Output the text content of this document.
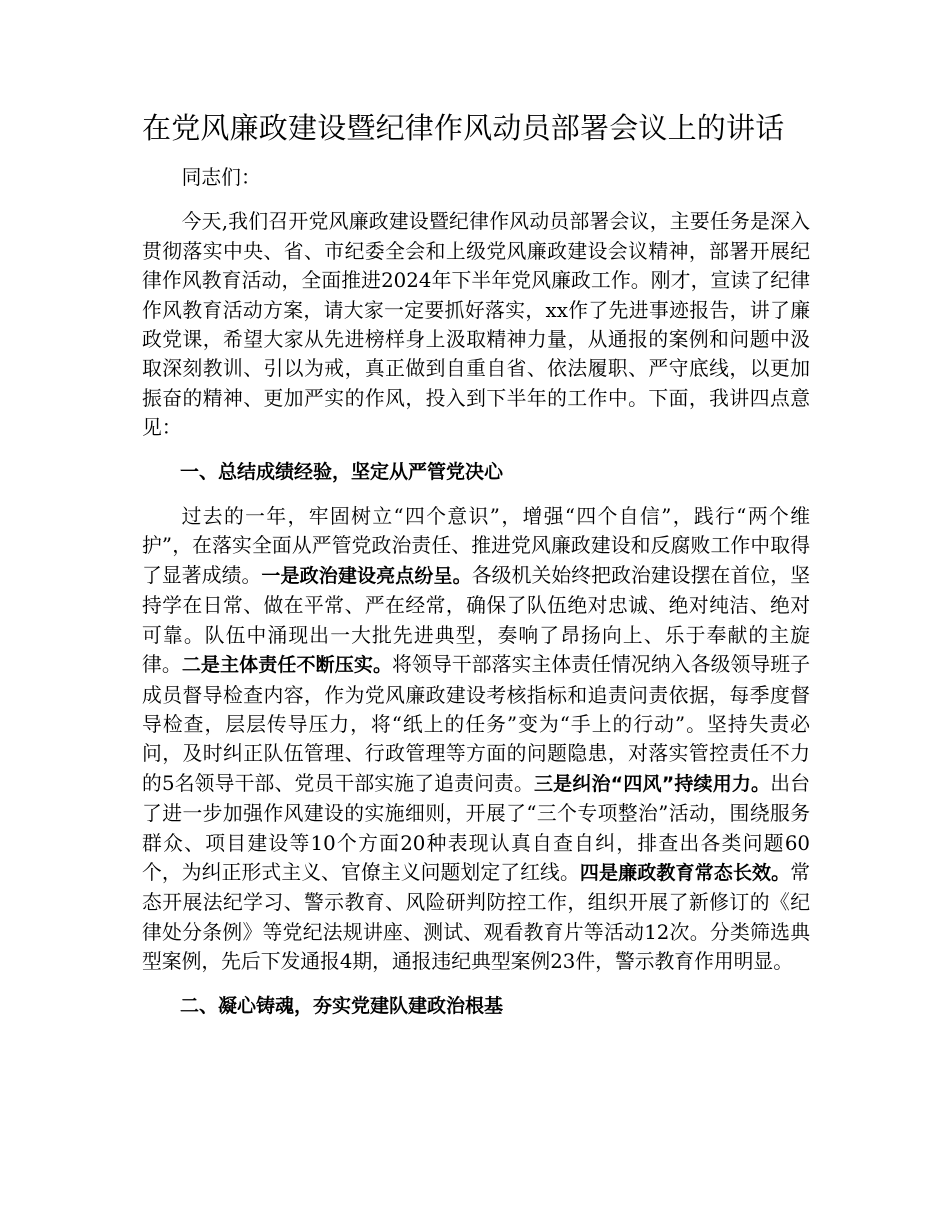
在党风廉政建设暨纪律作风动员部署会议上的讲话

同志们：

今天,我们召开党风廉政建设暨纪律作风动员部署会议，主要任务是深入贯彻落实中央、省、市纪委全会和上级党风廉政建设会议精神，部署开展纪律作风教育活动，全面推进2024年下半年党风廉政工作。刚才，宣读了纪律作风教育活动方案，请大家一定要抓好落实，xx作了先进事迹报告，讲了廉政党课，希望大家从先进榜样身上汲取精神力量，从通报的案例和问题中汲取深刻教训、引以为戒，真正做到自重自省、依法履职、严守底线，以更加振奋的精神、更加严实的作风，投入到下半年的工作中。下面，我讲四点意见：

一、总结成绩经验，坚定从严管党决心

过去的一年，牢固树立“四个意识”，增强“四个自信”，践行“两个维护”，在落实全面从严管党政治责任、推进党风廉政建设和反腐败工作中取得了显著成绩。一是政治建设亮点纷呈。各级机关始终把政治建设摆在首位，坚持学在日常、做在平常、严在经常，确保了队伍绝对忠诚、绝对纯洁、绝对可靠。队伍中涌现出一大批先进典型，奏响了昂扬向上、乐于奉献的主旋律。二是主体责任不断压实。将领导干部落实主体责任情况纳入各级领导班子成员督导检查内容，作为党风廉政建设考核指标和追责问责依据，每季度督导检查，层层传导压力，将“纸上的任务”变为“手上的行动”。坚持失责必问，及时纠正队伍管理、行政管理等方面的问题隐患，对落实管控责任不力的5名领导干部、党员干部实施了追责问责。三是纠治“四风”持续用力。出台了进一步加强作风建设的实施细则，开展了“三个专项整治”活动，围绕服务群众、项目建设等10个方面20种表现认真自查自纠，排查出各类问题60个，为纠正形式主义、官僚主义问题划定了红线。四是廉政教育常态长效。常态开展法纪学习、警示教育、风险研判防控工作，组织开展了新修订的《纪律处分条例》等党纪法规讲座、测试、观看教育片等活动12次。分类筛选典型案例，先后下发通报4期，通报违纪典型案例23件，警示教育作用明显。

二、凝心铸魂，夯实党建队建政治根基
